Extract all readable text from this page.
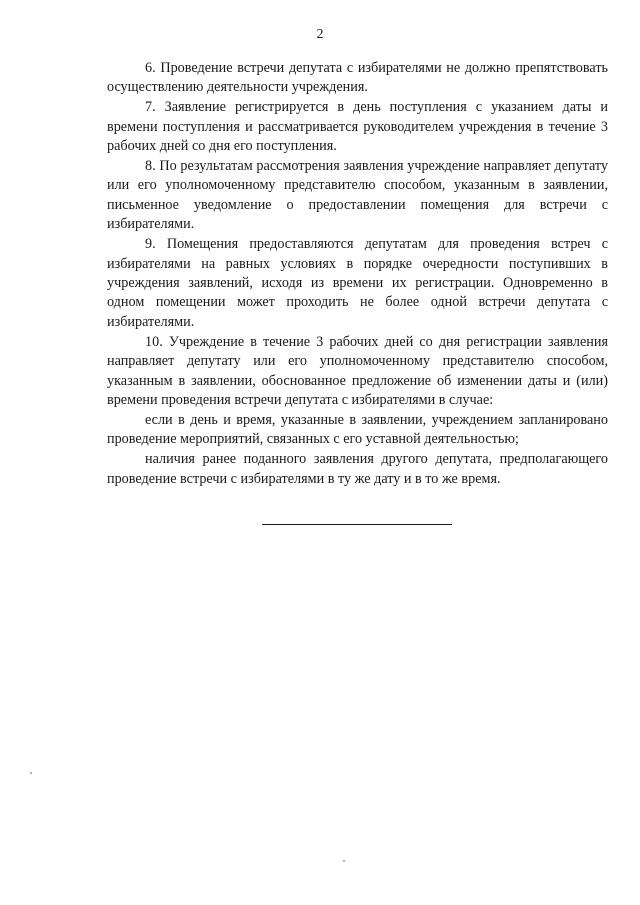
2

6. Проведение встречи депутата с избирателями не должно препятствовать осуществлению деятельности учреждения.

7. Заявление регистрируется в день поступления с указанием даты и времени поступления и рассматривается руководителем учреждения в течение 3 рабочих дней со дня его поступления.

8. По результатам рассмотрения заявления учреждение направляет депутату или его уполномоченному представителю способом, указанным в заявлении, письменное уведомление о предоставлении помещения для встречи с избирателями.

9. Помещения предоставляются депутатам для проведения встреч с избирателями на равных условиях в порядке очередности поступивших в учреждения заявлений, исходя из времени их регистрации. Одновременно в одном помещении может проходить не более одной встречи депутата с избирателями.

10. Учреждение в течение 3 рабочих дней со дня регистрации заявления направляет депутату или его уполномоченному представителю способом, указанным в заявлении, обоснованное предложение об изменении даты и (или) времени проведения встречи депутата с избирателями в случае:

если в день и время, указанные в заявлении, учреждением запланировано проведение мероприятий, связанных с его уставной деятельностью;

наличия ранее поданного заявления другого депутата, предполагающего проведение встречи с избирателями в ту же дату и в то же время.
